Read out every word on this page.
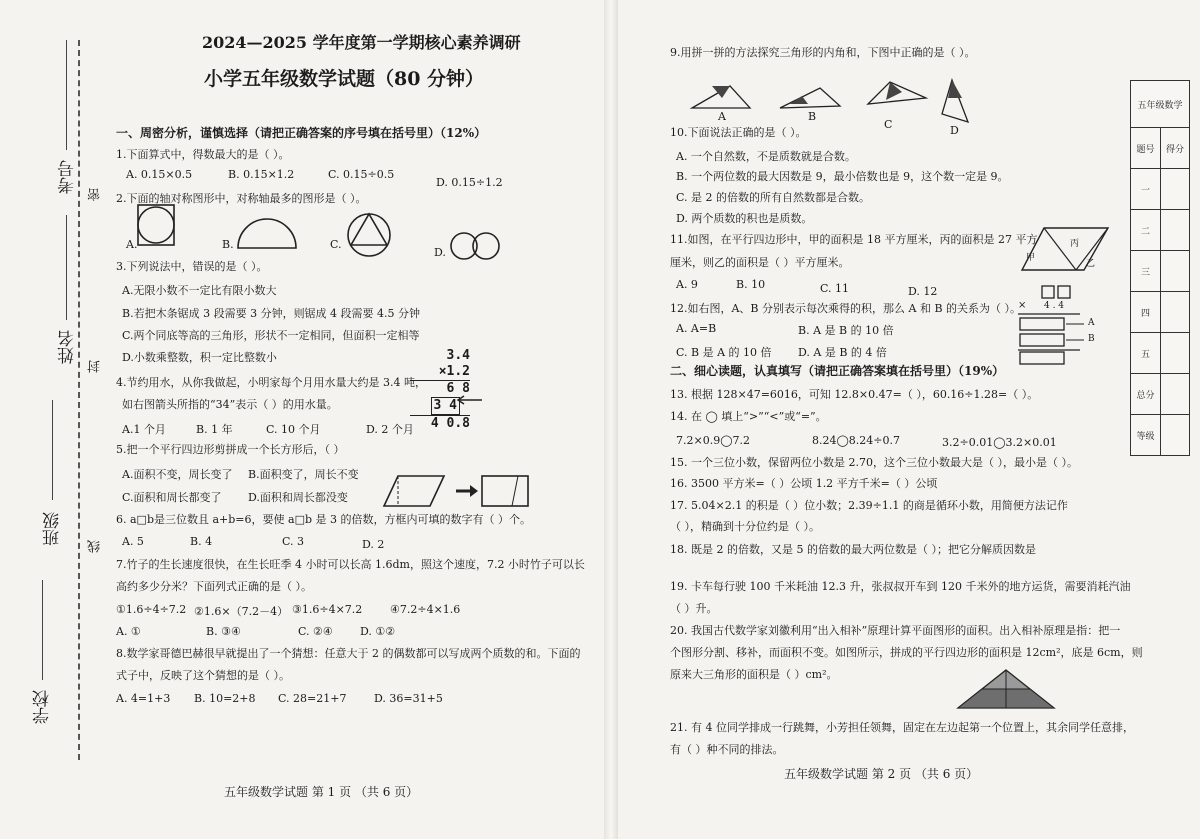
考号
密
姓名
封
班级
线
学校
2024—2025 学年度第一学期核心素养调研
小学五年级数学试题（80 分钟）
一、周密分析，谨慎选择（请把正确答案的序号填在括号里）（12%）
1.下面算式中，得数最大的是（ ）。
A. 0.15×0.5	B. 0.15×1.2	C. 0.15÷0.5
D. 0.15÷1.2
2.下面的轴对称图形中，对称轴最多的图形是（ ）。
A.	B.	C.
D.
3.下列说法中，错误的是（ ）。
A.无限小数不一定比有限小数大
B.若把木条锯成 3 段需要 3 分钟，则锯成 4 段需要 4.5 分钟
C.两个同底等高的三角形，形状不一定相同，但面积一定相等
D.小数乘整数，积一定比整数小
4.节约用水，从你我做起，小明家每个月用水量大约是 3.4 吨，
如右图箭头所指的“34”表示（ ）的用水量。
A.1 个月	B. 1 年	C. 10 个月	D. 2 个月
3.4
×1.2
6 8
3 4
4 0.8
5.把一个平行四边形剪拼成一个长方形后，（ ）
A.面积不变，周长变了 B.面积变了，周长不变
C.面积和周长都变了 D.面积和周长都没变
6. a□b是三位数且 a+b=6，要使 a□b 是 3 的倍数，方框内可填的数字有（ ）个。
A. 5	B. 4	C. 3	D. 2
7.竹子的生长速度很快，在生长旺季 4 小时可以长高 1.6dm，照这个速度，7.2 小时竹子可以长
高约多少分米？下面列式正确的是（ ）。
①1.6÷4÷7.2 ②1.6×（7.2－4） ③1.6÷4×7.2	④7.2÷4×1.6
A. ①	B. ③④	C. ②④ D. ①②
8.数学家哥德巴赫很早就提出了一个猜想：任意大于 2 的偶数都可以写成两个质数的和。下面的
式子中，反映了这个猜想的是（ ）。
A. 4=1+3 B. 10=2+8 C. 28=21+7	D. 36=31+5
五年级数学试题 第 1 页 （共 6 页）
9.用拼一拼的方法探究三角形的内角和，下图中正确的是（ ）。
A	B
C	D
10.下面说法正确的是（ ）。
A. 一个自然数，不是质数就是合数。
B. 一个两位数的最大因数是 9，最小倍数也是 9，这个数一定是 9。
C. 是 2 的倍数的所有自然数都是合数。
D. 两个质数的积也是质数。
11.如图，在平行四边形中，甲的面积是 18 平方厘米，丙的面积是 27 平方
厘米，则乙的面积是（ ）平方厘米。
A. 9	B. 10	C. 11	D. 12
甲
丙
乙
12.如右图，A、B 分别表示每次乘得的积，那么 A 和 B 的关系为（ ）。
A. A=B	B. A 是 B 的 10 倍
C. B 是 A 的 10 倍 D. A 是 B 的 4 倍
× 4 . 4
A
B
二、细心读题，认真填写（请把正确答案填在括号里）（19%）
13. 根据 128×47=6016，可知 12.8×0.47=（ ），60.16÷1.28=（ ）。
14. 在 ◯ 填上“>”“<”或“=”。
7.2×0.9◯7.2	8.24◯8.24÷0.7	3.2÷0.01◯3.2×0.01
15. 一个三位小数，保留两位小数是 2.70，这个三位小数最大是（ ），最小是（ ）。
16. 3500 平方米=（ ）公顷 1.2 平方千米=（ ）公顷
17. 5.04×2.1 的积是（ ）位小数；2.39÷1.1 的商是循环小数，用简便方法记作
（ ），精确到十分位约是（ ）。
18. 既是 2 的倍数，又是 5 的倍数的最大两位数是（ ）；把它分解质因数是
19. 卡车每行驶 100 千米耗油 12.3 升，张叔叔开车到 120 千米外的地方运货，需要消耗汽油
（ ）升。
20. 我国古代数学家刘徽利用“出入相补”原理计算平面图形的面积。出入相补原理是指：把一
个图形分割、移补，而面积不变。如图所示，拼成的平行四边形的面积是 12cm²，底是 6cm，则
原来大三角形的面积是（ ）cm²。
21. 有 4 位同学排成一行跳舞，小芳担任领舞，固定在左边起第一个位置上，其余同学任意排，
有（ ）种不同的排法。
五年级数学试题 第 2 页 （共 6 页）
五年级数学
题号	得分
一
二
三
四
五
总分
等级
